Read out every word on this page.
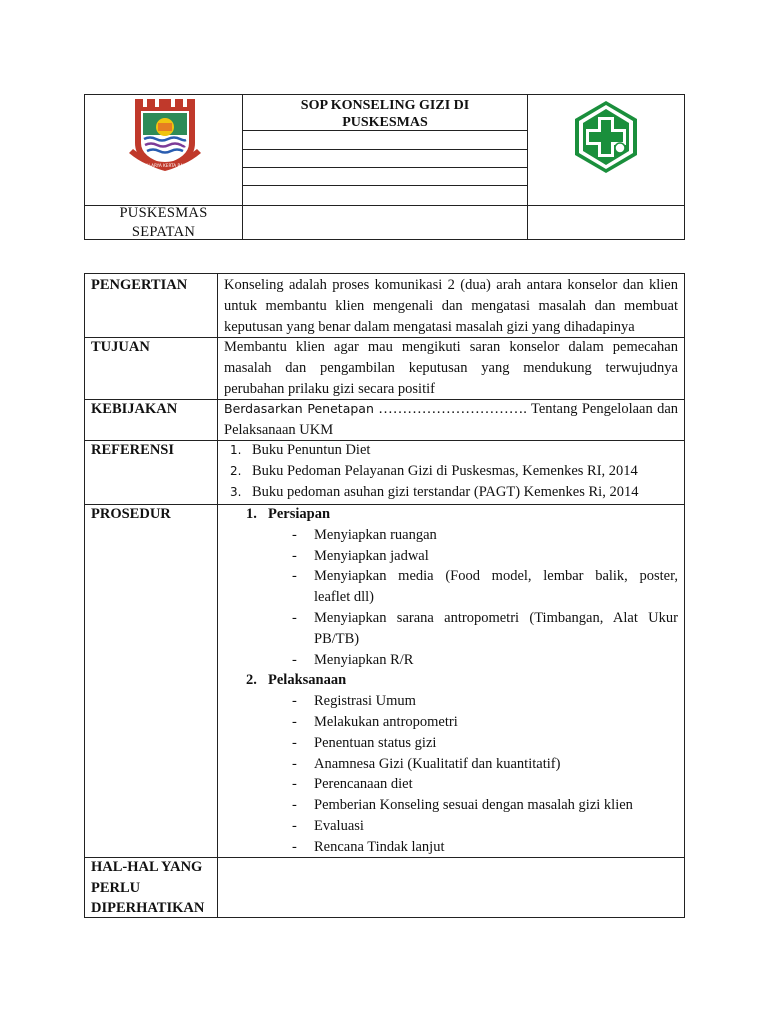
BAY LAI ARYA KERTA RAHARJA
SOP KONSELING GIZI DI
PUSKESMAS
PUSKESMAS
SEPATAN
PENGERTIAN	Konseling adalah proses komunikasi 2 (dua) arah antara konselor dan klien
untuk membantu klien mengenali dan mengatasi masalah dan membuat
keputusan yang benar dalam mengatasi masalah gizi yang dihadapinya
TUJUAN	Membantu klien agar mau mengikuti saran konselor dalam pemecahan
masalah dan pengambilan keputusan yang mendukung terwujudnya
perubahan prilaku gizi secara positif
KEBIJAKAN	Berdasarkan Penetapan …………………………. Tentang Pengelolaan dan
Pelaksanaan UKM
REFERENSI	1. Buku Penuntun Diet
2. Buku Pedoman Pelayanan Gizi di Puskesmas, Kemenkes RI, 2014
3. Buku pedoman asuhan gizi terstandar (PAGT) Kemenkes Ri, 2014
PROSEDUR	1. Persiapan
- Menyiapkan ruangan
- Menyiapkan jadwal
- Menyiapkan media (Food model, lembar balik, poster,
leaflet dll)
- Menyiapkan sarana antropometri (Timbangan, Alat Ukur
PB/TB)
- Menyiapkan R/R
2. Pelaksanaan
- Registrasi Umum
- Melakukan antropometri
- Penentuan status gizi
- Anamnesa Gizi (Kualitatif dan kuantitatif)
- Perencanaan diet
- Pemberian Konseling sesuai dengan masalah gizi klien
- Evaluasi
- Rencana Tindak lanjut
HAL-HAL YANG
PERLU
DIPERHATIKAN
